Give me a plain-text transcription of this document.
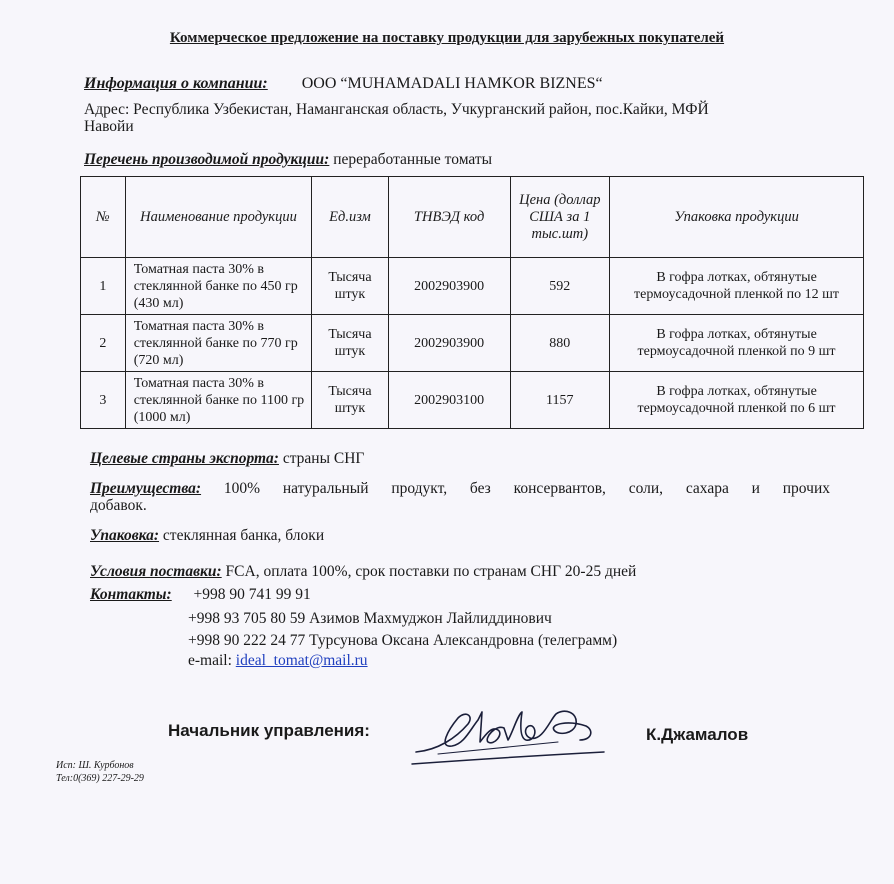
Коммерческое предложение на поставку продукции для зарубежных покупателей
Информация о компании: ООО “MUHAMADALI HAMKOR BIZNES“
Адрес: Республика Узбекистан, Наманганская область, Учкурганский район, пос.Кайки, МФЙ
Навойи
Перечень производимой продукции: переработанные томаты
№	Наименование продукции	Ед.изм	ТНВЭД код	Цена (доллар США за 1 тыс.шт)	Упаковка продукции
1	Томатная паста 30% в стеклянной банке по 450 гр (430 мл)	Тысяча штук	2002903900	592	В гофра лотках, обтянутые термоусадочной пленкой по 12 шт
2	Томатная паста 30% в стеклянной банке по 770 гр (720 мл)	Тысяча штук	2002903900	880	В гофра лотках, обтянутые термоусадочной пленкой по 9 шт
3	Томатная паста 30% в стеклянной банке по 1100 гр (1000 мл)	Тысяча штук	2002903100	1157	В гофра лотках, обтянутые термоусадочной пленкой по 6 шт
Целевые страны экспорта: страны СНГ
Преимущества: 100% натуральный продукт, без консервантов, соли, сахара и прочих
добавок.
Упаковка: стеклянная банка, блоки
Условия поставки: FCA, оплата 100%, срок поставки по странам СНГ 20-25 дней
Контакты: +998 90 741 99 91
+998 93 705 80 59 Азимов Махмуджон Лайлиддинович
+998 90 222 24 77 Турсунова Оксана Александровна (телеграмм)
e-mail: ideal_tomat@mail.ru
Начальник управления:	К.Джамалов
Исп: Ш. Курбонов
Тел:0(369) 227-29-29
